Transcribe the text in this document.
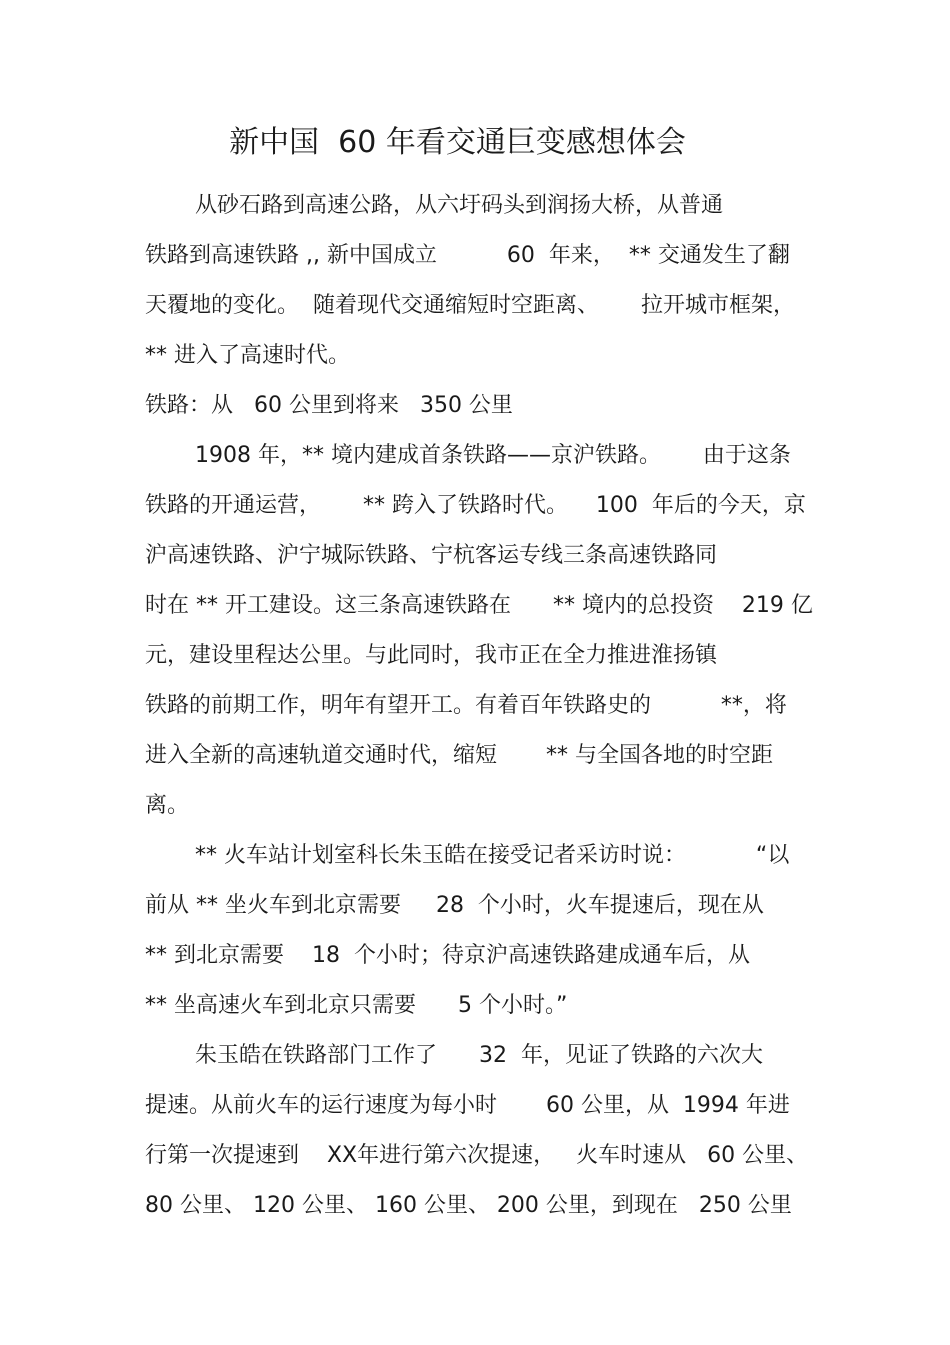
新中国  60 年看交通巨变感想体会
从砂石路到高速公路，从六圩码头到润扬大桥，从普通
铁路到高速铁路 ,, 新中国成立          60  年来，  ** 交通发生了翻
天覆地的变化。  随着现代交通缩短时空距离、      拉开城市框架，
** 进入了高速时代。
铁路：从   60 公里到将来   350 公里
1908 年，** 境内建成首条铁路——京沪铁路。      由于这条
铁路的开通运营，      ** 跨入了铁路时代。    100  年后的今天，京
沪高速铁路、沪宁城际铁路、宁杭客运专线三条高速铁路同
时在 ** 开工建设。这三条高速铁路在      ** 境内的总投资    219 亿
元，建设里程达公里。与此同时，我市正在全力推进淮扬镇
铁路的前期工作，明年有望开工。有着百年铁路史的          **，将
进入全新的高速轨道交通时代，缩短       ** 与全国各地的时空距
离。
** 火车站计划室科长朱玉皓在接受记者采访时说：          “以
前从 ** 坐火车到北京需要     28  个小时，火车提速后，现在从
** 到北京需要    18  个小时；待京沪高速铁路建成通车后，从
** 坐高速火车到北京只需要      5 个小时。”
朱玉皓在铁路部门工作了      32  年，见证了铁路的六次大
提速。从前火车的运行速度为每小时       60 公里，从  1994 年进
行第一次提速到    XX年进行第六次提速，   火车时速从   60 公里、
80 公里、 120 公里、 160 公里、 200 公里，到现在   250 公里
